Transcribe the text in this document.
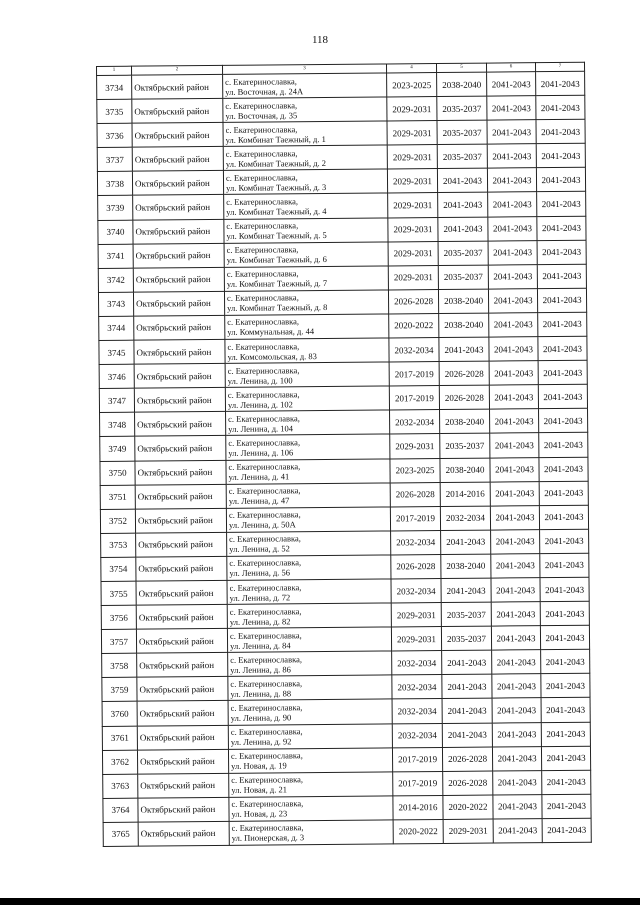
118
1	2	3	4	5	6	7
3734	Октябрьский район	с. Екатеринославка,
ул. Восточная, д. 24А	2023-2025	2038-2040	2041-2043	2041-2043
3735	Октябрьский район	с. Екатеринославка,
ул. Восточная, д. 35	2029-2031	2035-2037	2041-2043	2041-2043
3736	Октябрьский район	с. Екатеринославка,
ул. Комбинат Таежный, д. 1	2029-2031	2035-2037	2041-2043	2041-2043
3737	Октябрьский район	с. Екатеринославка,
ул. Комбинат Таежный, д. 2	2029-2031	2035-2037	2041-2043	2041-2043
3738	Октябрьский район	с. Екатеринославка,
ул. Комбинат Таежный, д. 3	2029-2031	2041-2043	2041-2043	2041-2043
3739	Октябрьский район	с. Екатеринославка,
ул. Комбинат Таежный, д. 4	2029-2031	2041-2043	2041-2043	2041-2043
3740	Октябрьский район	с. Екатеринославка,
ул. Комбинат Таежный, д. 5	2029-2031	2041-2043	2041-2043	2041-2043
3741	Октябрьский район	с. Екатеринославка,
ул. Комбинат Таежный, д. 6	2029-2031	2035-2037	2041-2043	2041-2043
3742	Октябрьский район	с. Екатеринославка,
ул. Комбинат Таежный, д. 7	2029-2031	2035-2037	2041-2043	2041-2043
3743	Октябрьский район	с. Екатеринославка,
ул. Комбинат Таежный, д. 8	2026-2028	2038-2040	2041-2043	2041-2043
3744	Октябрьский район	с. Екатеринославка,
ул. Коммунальная, д. 44	2020-2022	2038-2040	2041-2043	2041-2043
3745	Октябрьский район	с. Екатеринославка,
ул. Комсомольская, д. 83	2032-2034	2041-2043	2041-2043	2041-2043
3746	Октябрьский район	с. Екатеринославка,
ул. Ленина, д. 100	2017-2019	2026-2028	2041-2043	2041-2043
3747	Октябрьский район	с. Екатеринославка,
ул. Ленина, д. 102	2017-2019	2026-2028	2041-2043	2041-2043
3748	Октябрьский район	с. Екатеринославка,
ул. Ленина, д. 104	2032-2034	2038-2040	2041-2043	2041-2043
3749	Октябрьский район	с. Екатеринославка,
ул. Ленина, д. 106	2029-2031	2035-2037	2041-2043	2041-2043
3750	Октябрьский район	с. Екатеринославка,
ул. Ленина, д. 41	2023-2025	2038-2040	2041-2043	2041-2043
3751	Октябрьский район	с. Екатеринославка,
ул. Ленина, д. 47	2026-2028	2014-2016	2041-2043	2041-2043
3752	Октябрьский район	с. Екатеринославка,
ул. Ленина, д. 50А	2017-2019	2032-2034	2041-2043	2041-2043
3753	Октябрьский район	с. Екатеринославка,
ул. Ленина, д. 52	2032-2034	2041-2043	2041-2043	2041-2043
3754	Октябрьский район	с. Екатеринославка,
ул. Ленина, д. 56	2026-2028	2038-2040	2041-2043	2041-2043
3755	Октябрьский район	с. Екатеринославка,
ул. Ленина, д. 72	2032-2034	2041-2043	2041-2043	2041-2043
3756	Октябрьский район	с. Екатеринославка,
ул. Ленина, д. 82	2029-2031	2035-2037	2041-2043	2041-2043
3757	Октябрьский район	с. Екатеринославка,
ул. Ленина, д. 84	2029-2031	2035-2037	2041-2043	2041-2043
3758	Октябрьский район	с. Екатеринославка,
ул. Ленина, д. 86	2032-2034	2041-2043	2041-2043	2041-2043
3759	Октябрьский район	с. Екатеринославка,
ул. Ленина, д. 88	2032-2034	2041-2043	2041-2043	2041-2043
3760	Октябрьский район	с. Екатеринославка,
ул. Ленина, д. 90	2032-2034	2041-2043	2041-2043	2041-2043
3761	Октябрьский район	с. Екатеринославка,
ул. Ленина, д. 92	2032-2034	2041-2043	2041-2043	2041-2043
3762	Октябрьский район	с. Екатеринославка,
ул. Новая, д. 19	2017-2019	2026-2028	2041-2043	2041-2043
3763	Октябрьский район	с. Екатеринославка,
ул. Новая, д. 21	2017-2019	2026-2028	2041-2043	2041-2043
3764	Октябрьский район	с. Екатеринославка,
ул. Новая, д. 23	2014-2016	2020-2022	2041-2043	2041-2043
3765	Октябрьский район	с. Екатеринославка,
ул. Пионерская, д. 3	2020-2022	2029-2031	2041-2043	2041-2043
